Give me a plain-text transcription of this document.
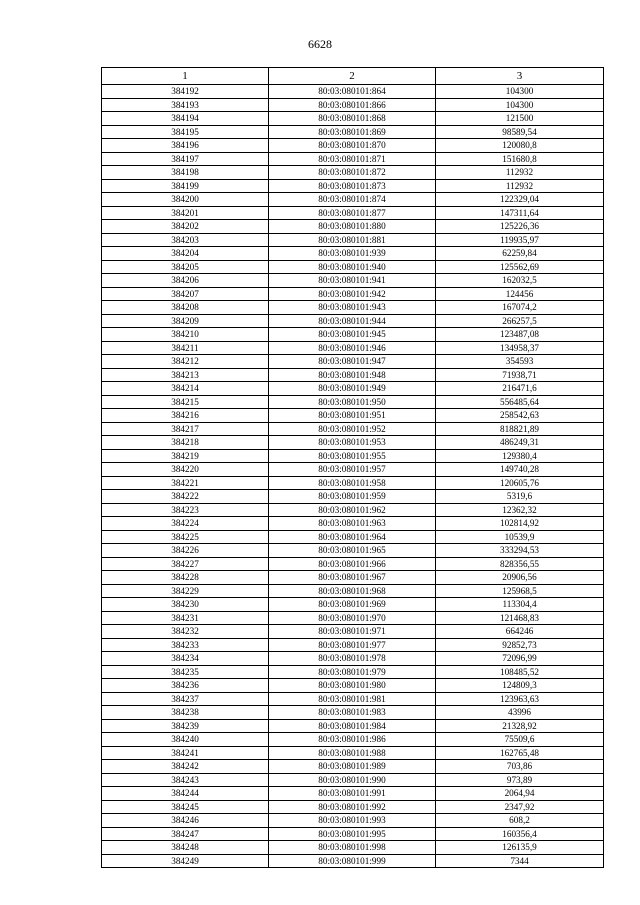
6628
1	2	3
384192	80:03:080101:864	104300
384193	80:03:080101:866	104300
384194	80:03:080101:868	121500
384195	80:03:080101:869	98589,54
384196	80:03:080101:870	120080,8
384197	80:03:080101:871	151680,8
384198	80:03:080101:872	112932
384199	80:03:080101:873	112932
384200	80:03:080101:874	122329,04
384201	80:03:080101:877	147311,64
384202	80:03:080101:880	125226,36
384203	80:03:080101:881	119935,97
384204	80:03:080101:939	62259,84
384205	80:03:080101:940	125562,69
384206	80:03:080101:941	162032,5
384207	80:03:080101:942	124456
384208	80:03:080101:943	167074,2
384209	80:03:080101:944	266257,5
384210	80:03:080101:945	123487,08
384211	80:03:080101:946	134958,37
384212	80:03:080101:947	354593
384213	80:03:080101:948	71938,71
384214	80:03:080101:949	216471,6
384215	80:03:080101:950	556485,64
384216	80:03:080101:951	258542,63
384217	80:03:080101:952	818821,89
384218	80:03:080101:953	486249,31
384219	80:03:080101:955	129380,4
384220	80:03:080101:957	149740,28
384221	80:03:080101:958	120605,76
384222	80:03:080101:959	5319,6
384223	80:03:080101:962	12362,32
384224	80:03:080101:963	102814,92
384225	80:03:080101:964	10539,9
384226	80:03:080101:965	333294,53
384227	80:03:080101:966	828356,55
384228	80:03:080101:967	20906,56
384229	80:03:080101:968	125968,5
384230	80:03:080101:969	113304,4
384231	80:03:080101:970	121468,83
384232	80:03:080101:971	664246
384233	80:03:080101:977	92852,73
384234	80:03:080101:978	72096,99
384235	80:03:080101:979	108485,52
384236	80:03:080101:980	124809,3
384237	80:03:080101:981	123963,63
384238	80:03:080101:983	43996
384239	80:03:080101:984	21328,92
384240	80:03:080101:986	75509,6
384241	80:03:080101:988	162765,48
384242	80:03:080101:989	703,86
384243	80:03:080101:990	973,89
384244	80:03:080101:991	2064,94
384245	80:03:080101:992	2347,92
384246	80:03:080101:993	608,2
384247	80:03:080101:995	160356,4
384248	80:03:080101:998	126135,9
384249	80:03:080101:999	7344
